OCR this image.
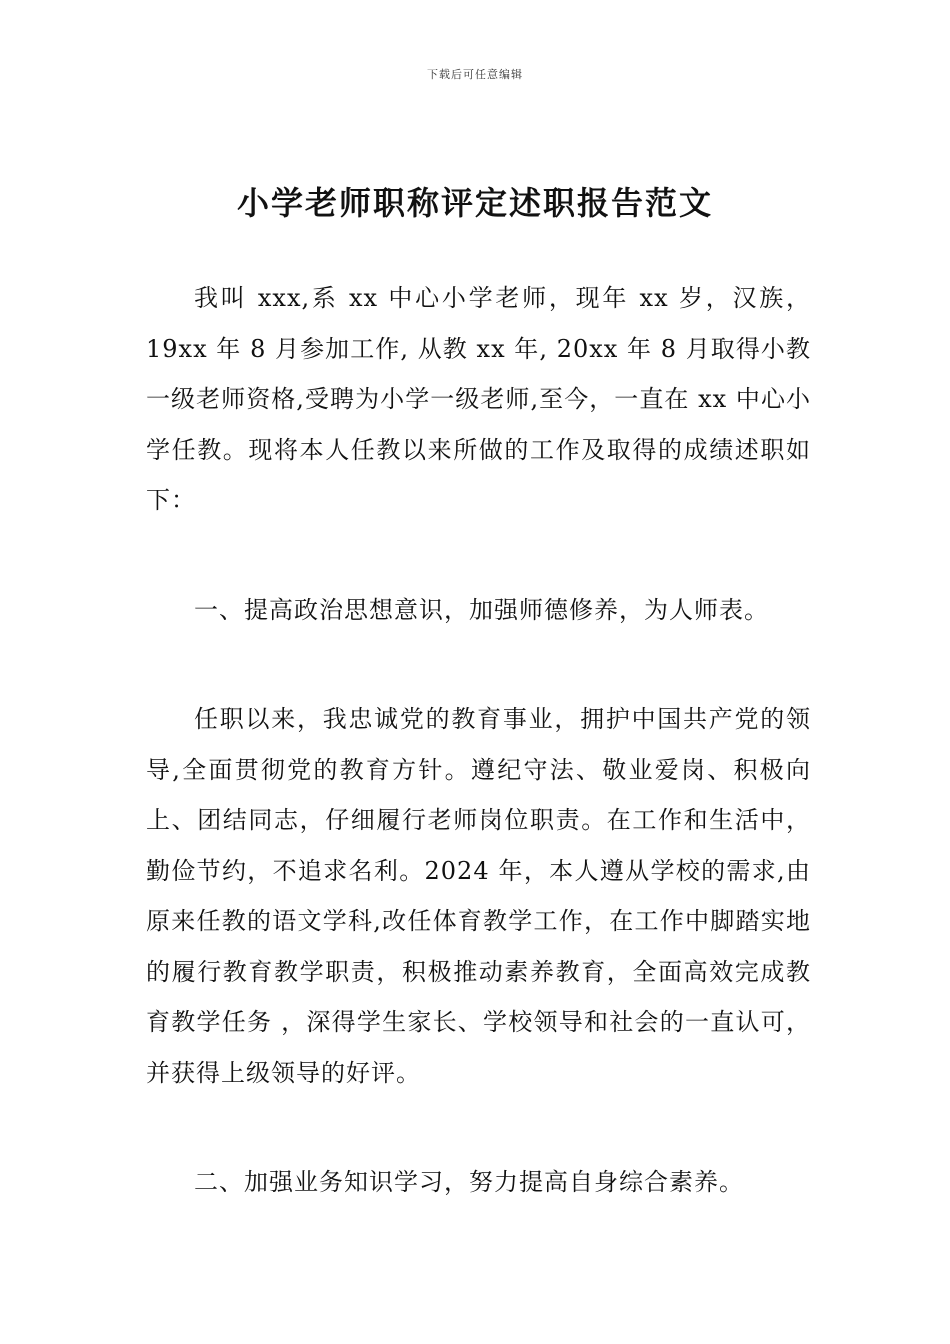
下载后可任意编辑
小学老师职称评定述职报告范文

我叫 xxx,系 xx 中心小学老师，现年 xx 岁，汉族，19xx 年 8 月参加工作, 从教 xx 年, 20xx 年 8 月取得小教一级老师资格,受聘为小学一级老师,至今，一直在 xx 中心小学任教。现将本人任教以来所做的工作及取得的成绩述职如下：

一、提高政治思想意识，加强师德修养，为人师表。

任职以来，我忠诚党的教育事业，拥护中国共产党的领导,全面贯彻党的教育方针。遵纪守法、敬业爱岗、积极向上、团结同志，仔细履行老师岗位职责。在工作和生活中，勤俭节约，不追求名利。2024 年，本人遵从学校的需求,由原来任教的语文学科,改任体育教学工作，在工作中脚踏实地的履行教育教学职责，积极推动素养教育，全面高效完成教育教学任务 ，深得学生家长、学校领导和社会的一直认可，并获得上级领导的好评。

二、加强业务知识学习，努力提高自身综合素养。
